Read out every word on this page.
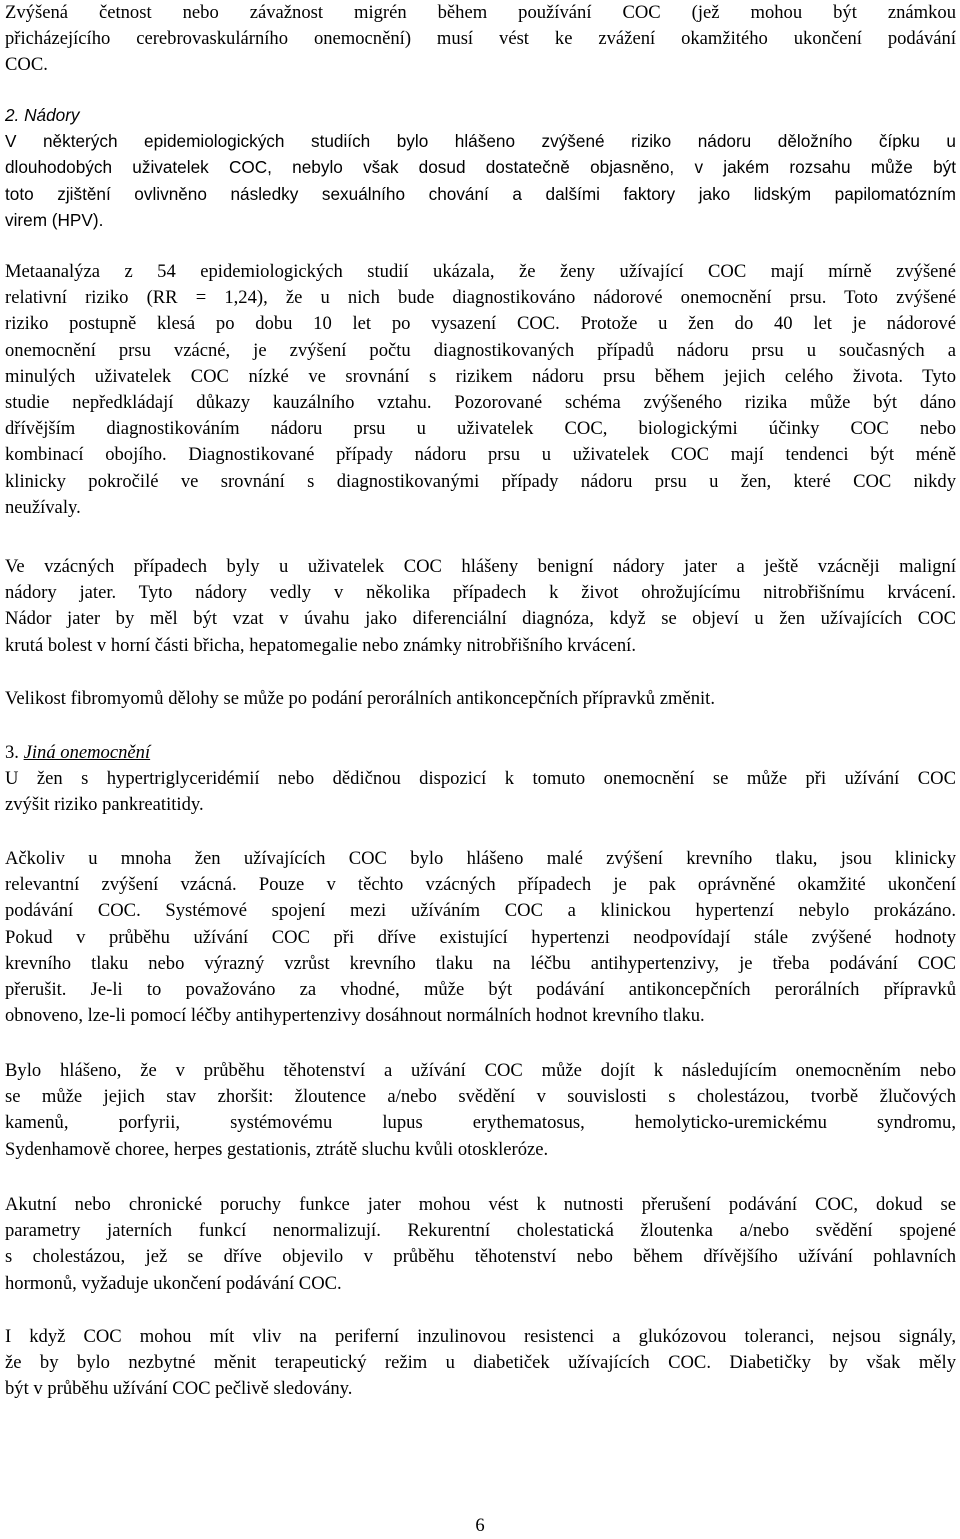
Zvýšená četnost nebo závažnost migrén během používání COC (jež mohou být známkou
přicházejícího cerebrovaskulárního onemocnění) musí vést ke zvážení okamžitého ukončení podávání
COC.
2. Nádory
V některých epidemiologických studiích bylo hlášeno zvýšené riziko nádoru děložního čípku u
dlouhodobých uživatelek COC, nebylo však dosud dostatečně objasněno, v jakém rozsahu může být
toto zjištění ovlivněno následky sexuálního chování a dalšími faktory jako lidským papilomatózním
virem (HPV).
Metaanalýza z 54 epidemiologických studií ukázala, že ženy užívající COC mají mírně zvýšené
relativní riziko (RR = 1,24), že u nich bude diagnostikováno nádorové onemocnění prsu. Toto zvýšené
riziko postupně klesá po dobu 10 let po vysazení COC. Protože u žen do 40 let je nádorové
onemocnění prsu vzácné, je zvýšení počtu diagnostikovaných případů nádoru prsu u současných a
minulých uživatelek COC nízké ve srovnání s rizikem nádoru prsu během jejich celého života. Tyto
studie nepředkládají důkazy kauzálního vztahu. Pozorované schéma zvýšeného rizika může být dáno
dřívějším diagnostikováním nádoru prsu u uživatelek COC, biologickými účinky COC nebo
kombinací obojího. Diagnostikované případy nádoru prsu u uživatelek COC mají tendenci být méně
klinicky pokročilé ve srovnání s diagnostikovanými případy nádoru prsu u žen, které COC nikdy
neužívaly.
Ve vzácných případech byly u uživatelek COC hlášeny benigní nádory jater a ještě vzácněji maligní
nádory jater. Tyto nádory vedly v několika případech k život ohrožujícímu nitrobřišnímu krvácení.
Nádor jater by měl být vzat v úvahu jako diferenciální diagnóza, když se objeví u žen užívajících COC
krutá bolest v horní části břicha, hepatomegalie nebo známky nitrobřišního krvácení.
Velikost fibromyomů dělohy se může po podání perorálních antikoncepčních přípravků změnit.
3. Jiná onemocnění
U žen s hypertriglyceridémií nebo dědičnou dispozicí k tomuto onemocnění se může při užívání COC
zvýšit riziko pankreatitidy.
Ačkoliv u mnoha žen užívajících COC bylo hlášeno malé zvýšení krevního tlaku, jsou klinicky
relevantní zvýšení vzácná. Pouze v těchto vzácných případech je pak oprávněné okamžité ukončení
podávání COC. Systémové spojení mezi užíváním COC a klinickou hypertenzí nebylo prokázáno.
Pokud v průběhu užívání COC při dříve existující hypertenzi neodpovídají stále zvýšené hodnoty
krevního tlaku nebo výrazný vzrůst krevního tlaku na léčbu antihypertenzivy, je třeba podávání COC
přerušit. Je-li to považováno za vhodné, může být podávání antikoncepčních perorálních přípravků
obnoveno, lze-li pomocí léčby antihypertenzivy dosáhnout normálních hodnot krevního tlaku.
Bylo hlášeno, že v průběhu těhotenství a užívání COC může dojít k následujícím onemocněním nebo
se může jejich stav zhoršit: žloutence a/nebo svědění v souvislosti s cholestázou, tvorbě žlučových
kamenů, porfyrii, systémovému lupus erythematosus, hemolyticko-uremickému syndromu,
Sydenhamově choree, herpes gestationis, ztrátě sluchu kvůli otoskleróze.
Akutní nebo chronické poruchy funkce jater mohou vést k nutnosti přerušení podávání COC, dokud se
parametry jaterních funkcí nenormalizují. Rekurentní cholestatická žloutenka a/nebo svědění spojené
s cholestázou, jež se dříve objevilo v průběhu těhotenství nebo během dřívějšího užívání pohlavních
hormonů, vyžaduje ukončení podávání COC.
I když COC mohou mít vliv na periferní inzulinovou resistenci a glukózovou toleranci, nejsou signály,
že by bylo nezbytné měnit terapeutický režim u diabetiček užívajících COC. Diabetičky by však měly
být v průběhu užívání COC pečlivě sledovány.
6
